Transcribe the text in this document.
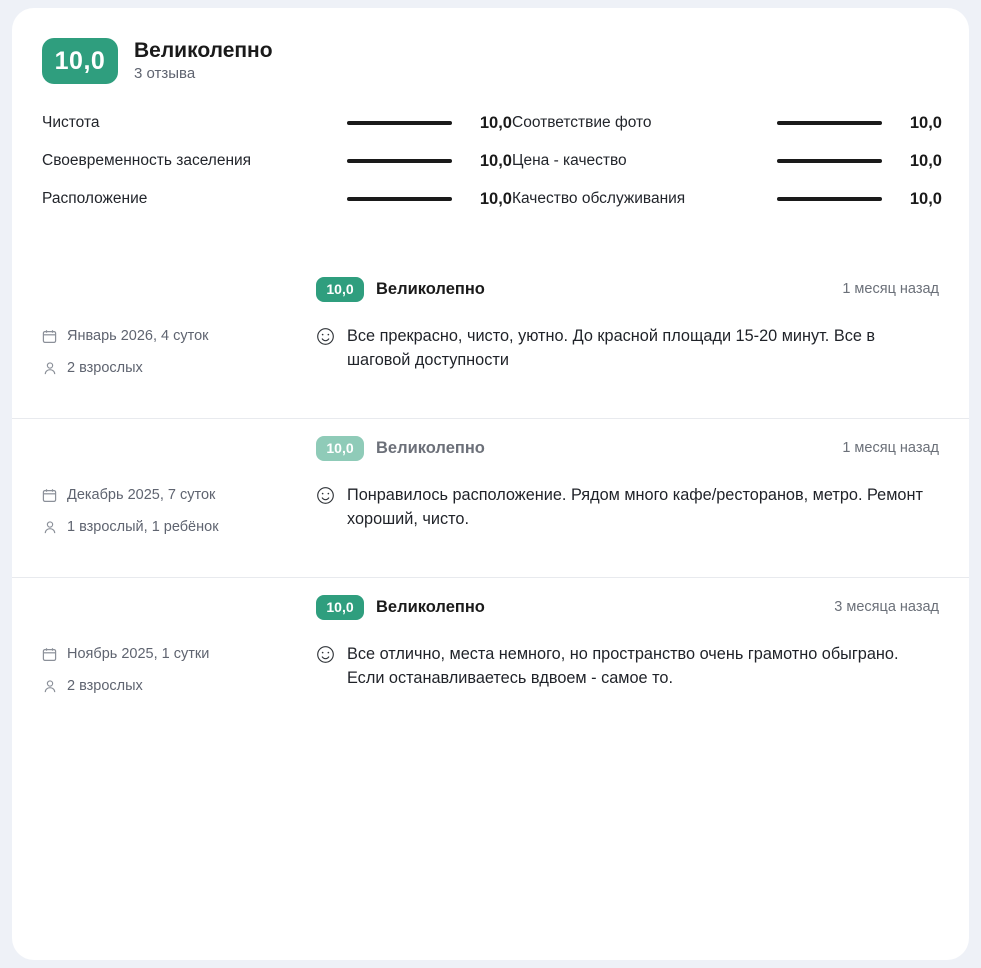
10,0	Великолепно
3 отзыва
Чистота	10,0 Соответствие фото	10,0
Своевременность заселения	10,0 Цена - качество	10,0
Расположение	10,0 Качество обслуживания	10,0
Январь 2026, 4 суток
2 взрослых
10,0	Великолепно	1 месяц назад
Все прекрасно, чисто, уютно. До красной площади 15-20 минут. Все в шаговой доступности
Декабрь 2025, 7 суток
1 взрослый, 1 ребёнок
10,0	Великолепно	1 месяц назад
Понравилось расположение. Рядом много кафе/ресторанов, метро. Ремонт хороший, чисто.
Ноябрь 2025, 1 сутки
2 взрослых
10,0	Великолепно	3 месяца назад
Все отлично, места немного, но пространство очень грамотно обыграно. Если останавливаетесь вдвоем - самое то.
